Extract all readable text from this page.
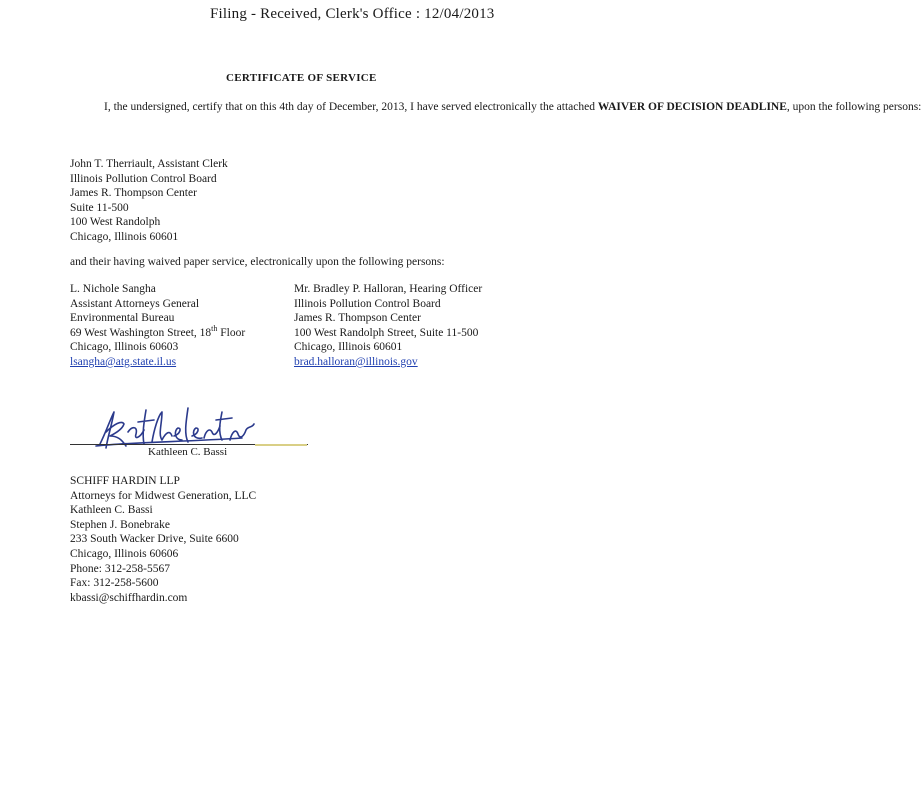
Filing - Received, Clerk's Office : 12/04/2013
CERTIFICATE OF SERVICE

I, the undersigned, certify that on this 4th day of December, 2013, I have served electronically the attached WAIVER OF DECISION DEADLINE, upon the following persons:

John T. Therriault, Assistant Clerk
Illinois Pollution Control Board
James R. Thompson Center
Suite 11-500
100 West Randolph
Chicago, Illinois 60601
and their having waived paper service, electronically upon the following persons:
L. Nichole Sangha
Assistant Attorneys General
Environmental Bureau
69 West Washington Street, 18th Floor
Chicago, Illinois 60603
lsangha@atg.state.il.us
Mr. Bradley P. Halloran, Hearing Officer
Illinois Pollution Control Board
James R. Thompson Center
100 West Randolph Street, Suite 11-500
Chicago, Illinois 60601
brad.halloran@illinois.gov
Kathleen C. Bassi
SCHIFF HARDIN LLP
Attorneys for Midwest Generation, LLC
Kathleen C. Bassi
Stephen J. Bonebrake
233 South Wacker Drive, Suite 6600
Chicago, Illinois 60606
Phone: 312-258-5567
Fax: 312-258-5600
kbassi@schiffhardin.com
